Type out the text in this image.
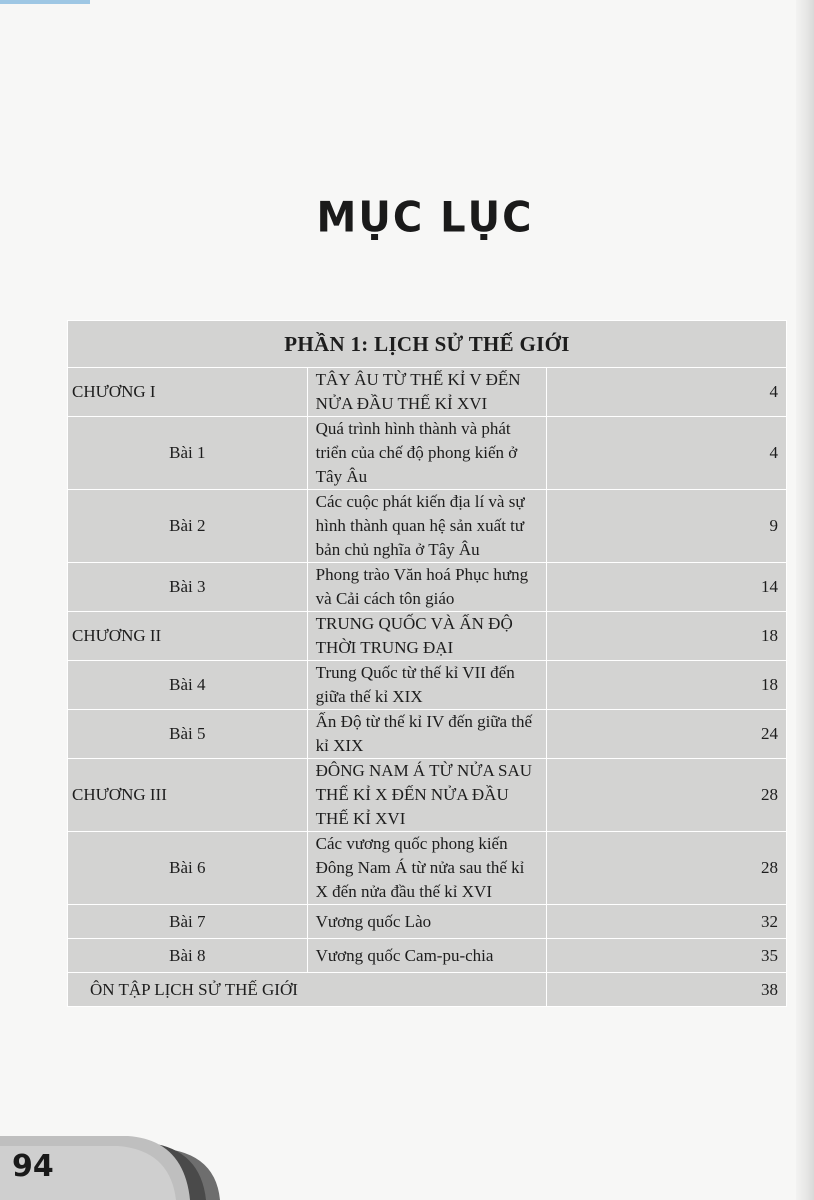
MỤC LỤC
PHẦN 1: LỊCH SỬ THẾ GIỚI		
CHƯƠNG I	TÂY ÂU TỪ THẾ KỈ V ĐẾN NỬA ĐẦU THẾ KỈ XVI	4
Bài 1	Quá trình hình thành và phát triển của chế độ phong kiến ở Tây Âu	4
Bài 2	Các cuộc phát kiến địa lí và sự hình thành quan hệ sản xuất tư bản chủ nghĩa ở Tây Âu	9
Bài 3	Phong trào Văn hoá Phục hưng và Cải cách tôn giáo	14
CHƯƠNG II	TRUNG QUỐC VÀ ẤN ĐỘ THỜI TRUNG ĐẠI	18
Bài 4	Trung Quốc từ thế kỉ VII đến giữa thế kỉ XIX	18
Bài 5	Ấn Độ từ thế kỉ IV đến giữa thế kỉ XIX	24
CHƯƠNG III	ĐÔNG NAM Á TỪ NỬA SAU THẾ KỈ X ĐẾN NỬA ĐẦU THẾ KỈ XVI	28
Bài 6	Các vương quốc phong kiến Đông Nam Á từ nửa sau thế kỉ X đến nửa đầu thế kỉ XVI	28
Bài 7	Vương quốc Lào	32
Bài 8	Vương quốc Cam-pu-chia	35
ÔN TẬP LỊCH SỬ THẾ GIỚI		38
94
